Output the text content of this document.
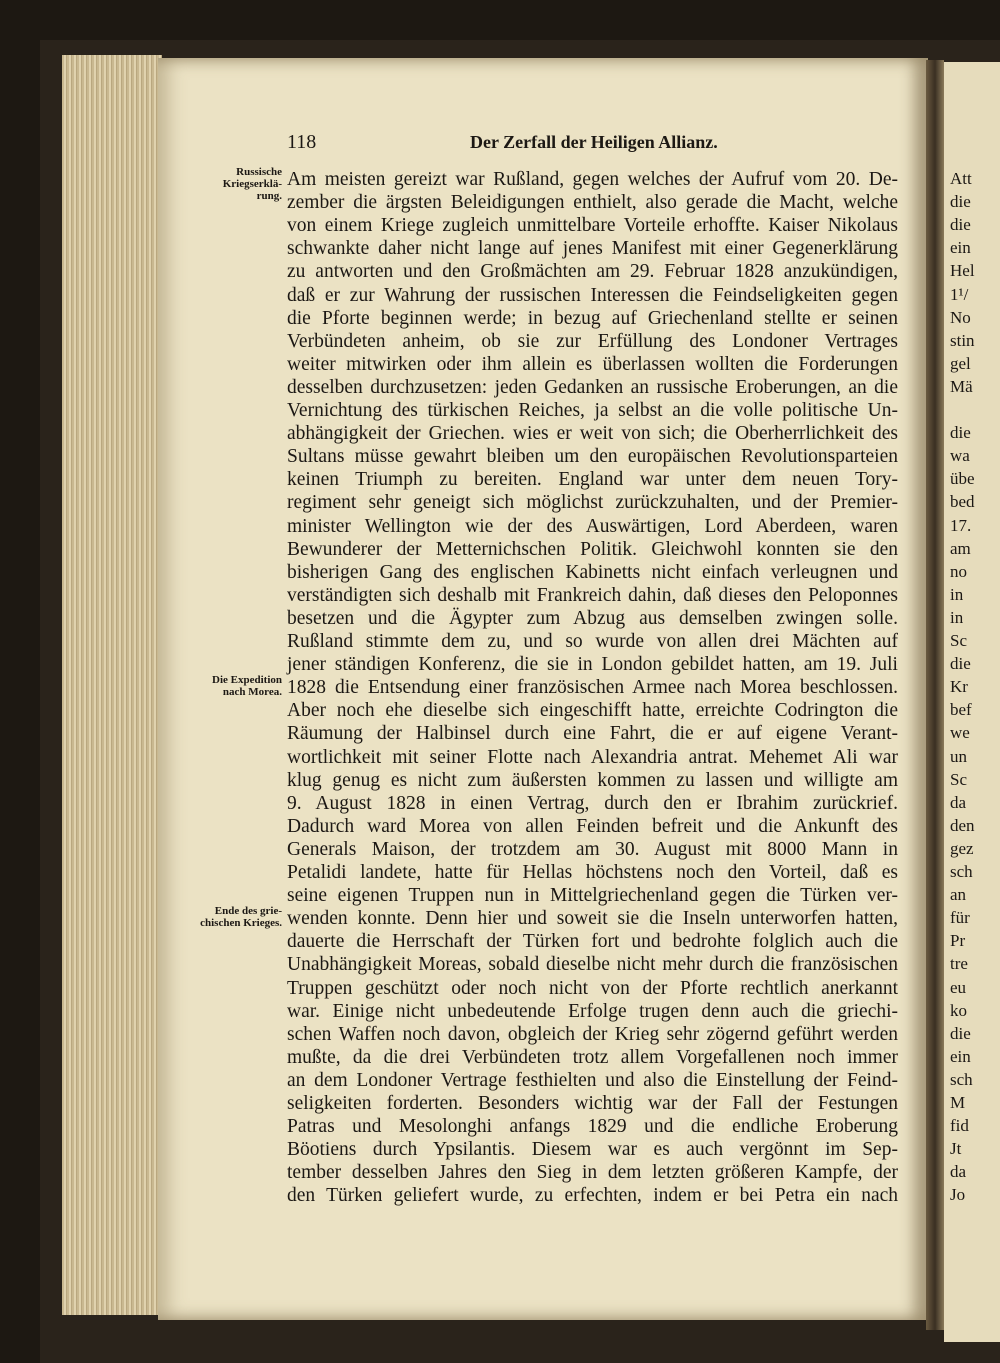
Att
die
die
ein
Hel
1¹/
No
stin
gel
Mä
die
wa
übe
bed
17.
am
no
in
in
Sc
die
Kr
bef
we
un
Sc
da
den
gez
sch
an
für
Pr
tre
eu
ko
die
ein
sch
M
fid
Jt
da
Jo
118	Der Zerfall der Heiligen Allianz.
Am meisten gereizt war Rußland, gegen welches der Aufruf vom 20. De-
zember die ärgsten Beleidigungen enthielt, also gerade die Macht, welche
von einem Kriege zugleich unmittelbare Vorteile erhoffte. Kaiser Nikolaus
schwankte daher nicht lange auf jenes Manifest mit einer Gegenerklärung
zu antworten und den Großmächten am 29. Februar 1828 anzukündigen,
daß er zur Wahrung der russischen Interessen die Feindseligkeiten gegen
die Pforte beginnen werde; in bezug auf Griechenland stellte er seinen
Verbündeten anheim, ob sie zur Erfüllung des Londoner Vertrages
weiter mitwirken oder ihm allein es überlassen wollten die Forderungen
desselben durchzusetzen: jeden Gedanken an russische Eroberungen, an die
Vernichtung des türkischen Reiches, ja selbst an die volle politische Un-
abhängigkeit der Griechen. wies er weit von sich; die Oberherrlichkeit des
Sultans müsse gewahrt bleiben um den europäischen Revolutionsparteien
keinen Triumph zu bereiten. England war unter dem neuen Tory-
regiment sehr geneigt sich möglichst zurückzuhalten, und der Premier-
minister Wellington wie der des Auswärtigen, Lord Aberdeen, waren
Bewunderer der Metternichschen Politik. Gleichwohl konnten sie den
bisherigen Gang des englischen Kabinetts nicht einfach verleugnen und
verständigten sich deshalb mit Frankreich dahin, daß dieses den Peloponnes
besetzen und die Ägypter zum Abzug aus demselben zwingen solle.
Rußland stimmte dem zu, und so wurde von allen drei Mächten auf
jener ständigen Konferenz, die sie in London gebildet hatten, am 19. Juli
1828 die Entsendung einer französischen Armee nach Morea beschlossen.
Aber noch ehe dieselbe sich eingeschifft hatte, erreichte Codrington die
Räumung der Halbinsel durch eine Fahrt, die er auf eigene Verant-
wortlichkeit mit seiner Flotte nach Alexandria antrat. Mehemet Ali war
klug genug es nicht zum äußersten kommen zu lassen und willigte am
9. August 1828 in einen Vertrag, durch den er Ibrahim zurückrief.
Dadurch ward Morea von allen Feinden befreit und die Ankunft des
Generals Maison, der trotzdem am 30. August mit 8000 Mann in
Petalidi landete, hatte für Hellas höchstens noch den Vorteil, daß es
seine eigenen Truppen nun in Mittelgriechenland gegen die Türken ver-
wenden konnte. Denn hier und soweit sie die Inseln unterworfen hatten,
dauerte die Herrschaft der Türken fort und bedrohte folglich auch die
Unabhängigkeit Moreas, sobald dieselbe nicht mehr durch die französischen
Truppen geschützt oder noch nicht von der Pforte rechtlich anerkannt
war. Einige nicht unbedeutende Erfolge trugen denn auch die griechi-
schen Waffen noch davon, obgleich der Krieg sehr zögernd geführt werden
mußte, da die drei Verbündeten trotz allem Vorgefallenen noch immer
an dem Londoner Vertrage festhielten und also die Einstellung der Feind-
seligkeiten forderten. Besonders wichtig war der Fall der Festungen
Patras und Mesolonghi anfangs 1829 und die endliche Eroberung
Böotiens durch Ypsilantis. Diesem war es auch vergönnt im Sep-
tember desselben Jahres den Sieg in dem letzten größeren Kampfe, der
den Türken geliefert wurde, zu erfechten, indem er bei Petra ein nach
Russische
Kriegserklä-
rung.
Die Expedition
nach Morea.
Ende des grie-
chischen Krieges.
